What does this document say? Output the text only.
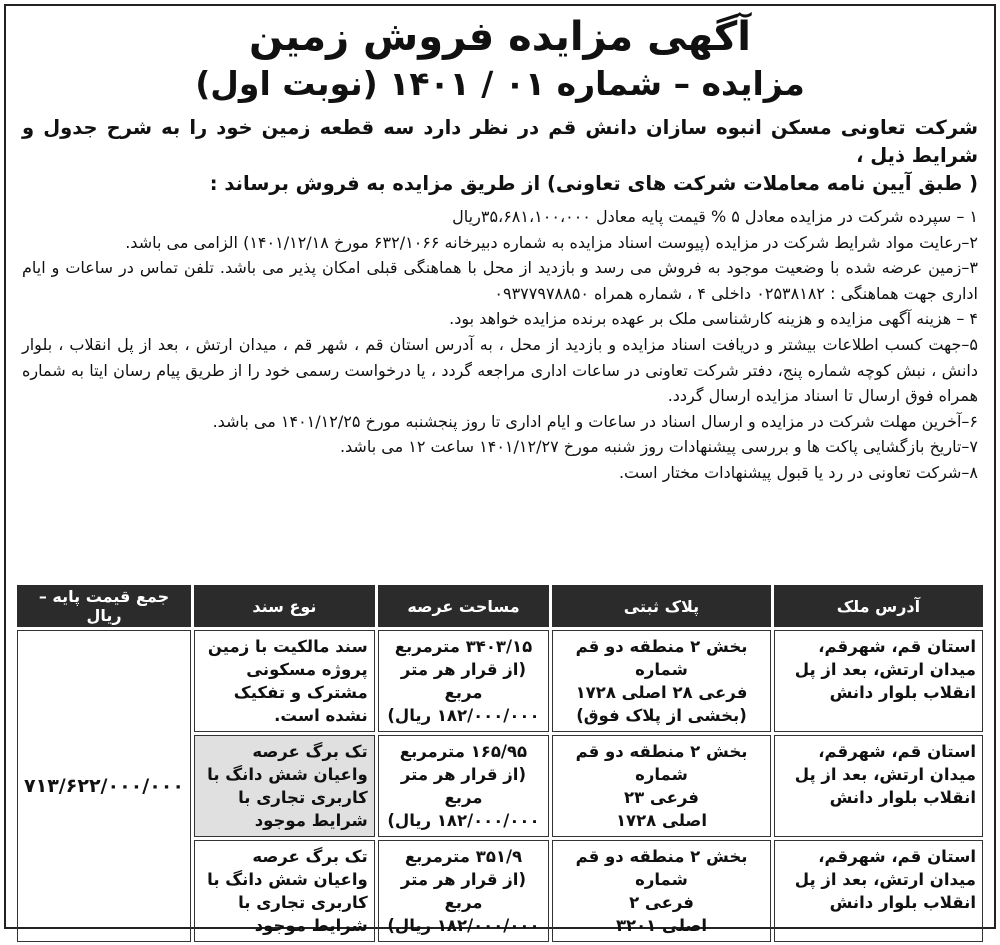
آگهی مزایده فروش زمین
مزایده – شماره ۰۱ / ۱۴۰۱ (نوبت اول)
شرکت تعاونی مسکن انبوه سازان دانش قم در نظر دارد سه قطعه زمین خود را به شرح جدول و شرایط ذیل ،
( طبق آیین نامه معاملات شرکت های تعاونی) از طریق مزایده به فروش برساند :
۱ – سپرده شرکت در مزایده معادل ۵ % قیمت پایه معادل ۳۵،۶۸۱،۱۰۰،۰۰۰ریال
۲–رعایت مواد شرایط شرکت در مزایده (پیوست اسناد مزایده به شماره دبیرخانه ۶۳۲/۱۰۶۶ مورخ ۱۴۰۱/۱۲/۱۸) الزامی می باشد.
۳–زمین عرضه شده با وضعیت موجود به فروش می رسد و بازدید از محل با هماهنگی قبلی امکان پذیر می باشد. تلفن تماس در ساعات و ایام اداری جهت هماهنگی : ۰۲۵۳۸۱۸۲ داخلی ۴ ، شماره همراه ۰۹۳۷۷۹۷۸۸۵۰
۴ – هزینه آگهی مزایده و هزینه کارشناسی ملک بر عهده برنده مزایده خواهد بود.
۵–جهت کسب اطلاعات بیشتر و دریافت اسناد مزایده و بازدید از محل ، به آدرس استان قم ، شهر قم ، میدان ارتش ، بعد از پل انقلاب ، بلوار دانش ، نبش کوچه شماره پنج، دفتر شرکت تعاونی در ساعات اداری مراجعه گردد ، یا درخواست رسمی خود را از طریق پیام رسان ایتا به شماره همراه فوق ارسال تا اسناد مزایده ارسال گردد.
۶–آخرین مهلت شرکت در مزایده و ارسال اسناد در ساعات و ایام اداری تا روز پنجشنبه مورخ ۱۴۰۱/۱۲/۲۵ می باشد.
۷–تاریخ بازگشایی پاکت ها و بررسی پیشنهادات روز شنبه مورخ ۱۴۰۱/۱۲/۲۷ ساعت ۱۲ می باشد.
۸–شرکت تعاونی در رد یا قبول پیشنهادات مختار است.
آدرس ملک	پلاک ثبتی	مساحت عرصه	نوع سند	جمع قیمت پایه – ریال
استان قم، شهرقم، میدان ارتش، بعد از پل انقلاب بلوار دانش	بخش ۲ منطقه دو قم شماره
فرعی ۲۸ اصلی ۱۷۲۸
(بخشی از پلاک فوق)	۳۴۰۳/۱۵ مترمربع
(از قرار هر متر مربع
۱۸۲/۰۰۰/۰۰۰ ریال)	سند مالکیت با زمین پروژه مسکونی مشترک و تفکیک نشده است.	۷۱۳/۶۲۲/۰۰۰/۰۰۰
استان قم، شهرقم، میدان ارتش، بعد از پل انقلاب بلوار دانش	بخش ۲ منطقه دو قم شماره
فرعی ۲۳
اصلی ۱۷۲۸	۱۶۵/۹۵ مترمربع
(از قرار هر متر مربع
۱۸۲/۰۰۰/۰۰۰ ریال)	تک برگ عرصه واعیان شش دانگ با کاربری تجاری با شرایط موجود	
استان قم، شهرقم، میدان ارتش، بعد از پل انقلاب بلوار دانش	بخش ۲ منطقه دو قم شماره
فرعی ۲
اصلی ۳۲۰۱	۳۵۱/۹ مترمربع
(از قرار هر متر مربع
۱۸۲/۰۰۰/۰۰۰ ریال)	تک برگ عرصه واعیان شش دانگ با کاربری تجاری با شرایط موجود	
